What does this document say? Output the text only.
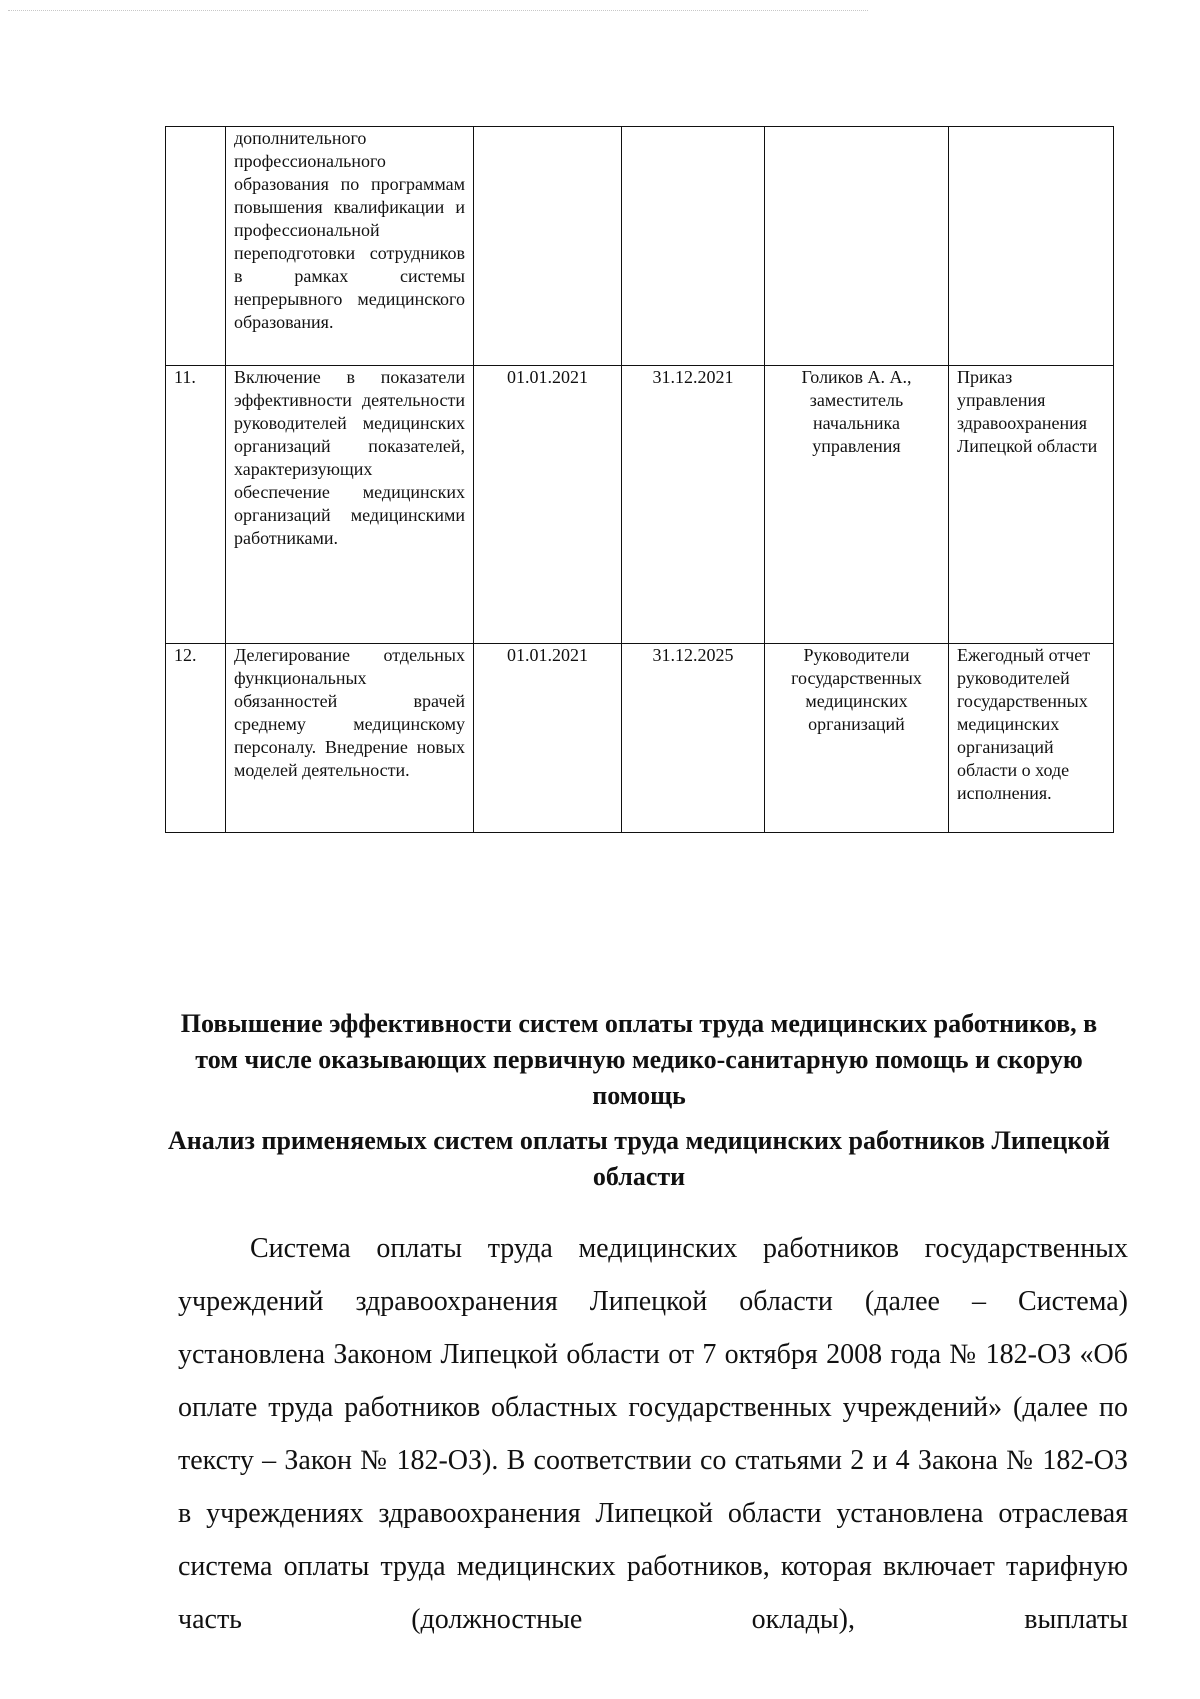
	дополнительного профессионального образования по программам повышения квалификации и профессиональной переподготовки сотрудников в рамках системы непрерывного медицинского образования.				
11.	Включение в показатели эффективности деятельности руководителей медицинских организаций показателей, характеризующих обеспечение медицинских организаций медицинскими работниками.	01.01.2021	31.12.2021	Голиков А. А., заместитель начальника управления	Приказ управления здравоохранения Липецкой области
12.	Делегирование отдельных функциональных обязанностей врачей среднему медицинскому персоналу. Внедрение новых моделей деятельности.	01.01.2021	31.12.2025	Руководители государственных медицинских организаций	Ежегодный отчет руководителей государственных медицинских организаций области о ходе исполнения.
Повышение эффективности систем оплаты труда медицинских работников, в том числе оказывающих первичную медико-санитарную помощь и скорую помощь
Анализ применяемых систем оплаты труда медицинских работников Липецкой области

Система оплаты труда медицинских работников государственных учреждений здравоохранения Липецкой области (далее – Система) установлена Законом Липецкой области от 7 октября 2008 года № 182-ОЗ «Об оплате труда работников областных государственных учреждений» (далее по тексту – Закон № 182-ОЗ). В соответствии со статьями 2 и 4 Закона № 182-ОЗ в учреждениях здравоохранения Липецкой области установлена отраслевая система оплаты труда медицинских работников, которая включает тарифную часть (должностные оклады), выплаты
